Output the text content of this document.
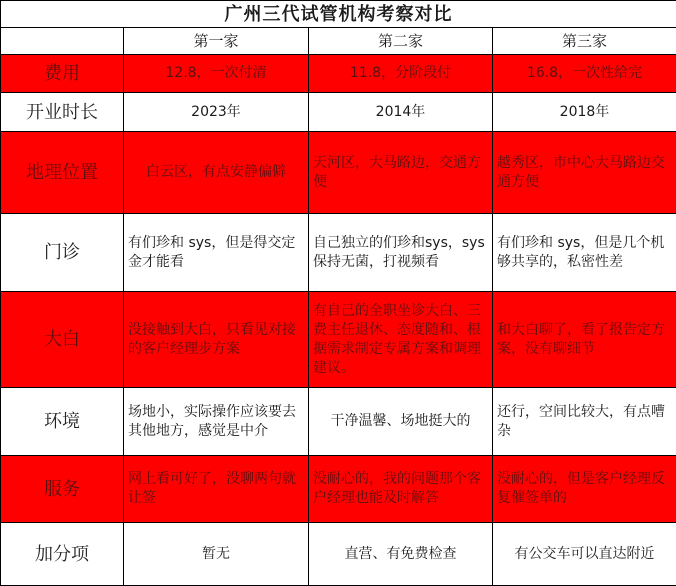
广州三代试管机构考察对比			
	第一家	第二家	第三家
费用	12.8，一次付清	11.8，分阶段付	16.8，一次性给完

开业时长	2023年	2014年	2018年
地理位置	白云区，有点安静偏僻	天河区，大马路边，交通方便	越秀区，市中心大马路边交通方便

门诊	有们珍和 sys，但是得交定金才能看	自己独立的们珍和sys，sys保持无菌，打视频看	有们珍和 sys，但是几个机够共享的，私密性差
大白	没接触到大白，只看见对接的客户经理步方案	有自己的全职坐诊大白、三费主任退休、态度随和、根据需求制定专属方案和调理建议。	和大白聊了，看了报告定方案，没有聊细节

环境	场地小，实际操作应该要去其他地方，感觉是中介	干净温馨、场地挺大的	还行，空间比较大，有点嘈杂
服务	网上看可好了，没聊两句就让签	没耐心的，我的问题那个客户经理也能及时解答	没耐心的，但是客户经理反复催签单的

加分项	暂无	直营、有免费检查	有公交车可以直达附近
